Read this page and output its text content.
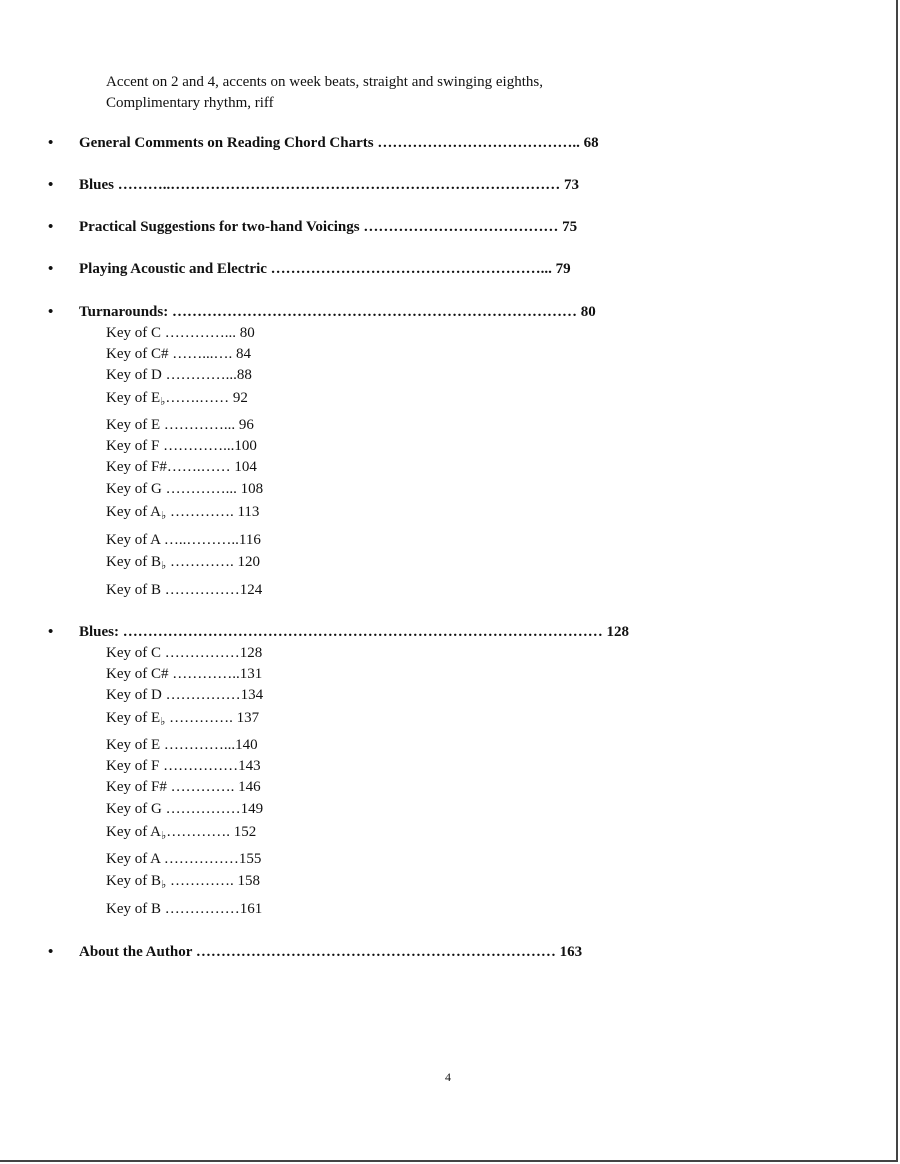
Accent on 2 and 4, accents on week beats, straight and swinging eighths,
Complimentary rhythm, riff
• General Comments on Reading Chord Charts ………………………………….. 68
• Blues ………..…………………………………………………………………… 73
• Practical Suggestions for two-hand Voicings ………………………………… 75
• Playing Acoustic and Electric ………………………………………………... 79
• Turnarounds: ……………………………………………………………………… 80
Key of C …………... 80
Key of C# ……...…. 84
Key of D …………...88
Key of $E_♭\dots\dots.\dots\dots$ 92
Key of E …………... 96
Key of F …………...100
Key of F#…….…… 104
Key of G …………... 108
Key of $A_♭$ …………. 113
Key of A …..………..116
Key of $B_♭$ …………. 120
Key of B ……………124
• Blues: …………………………………………………………………………………… 128
Key of C ……………128
Key of C# …………..131
Key of D ……………134
Key of $E_♭$ …………. 137
Key of E …………...140
Key of F ……………143
Key of F# …………. 146
Key of G ……………149
Key of $A_♭\dots\dots\dots\dots$. 152
Key of A ……………155
Key of $B_♭$ …………. 158
Key of B ……………161
• About the Author ……………………………………………………………… 163
4
